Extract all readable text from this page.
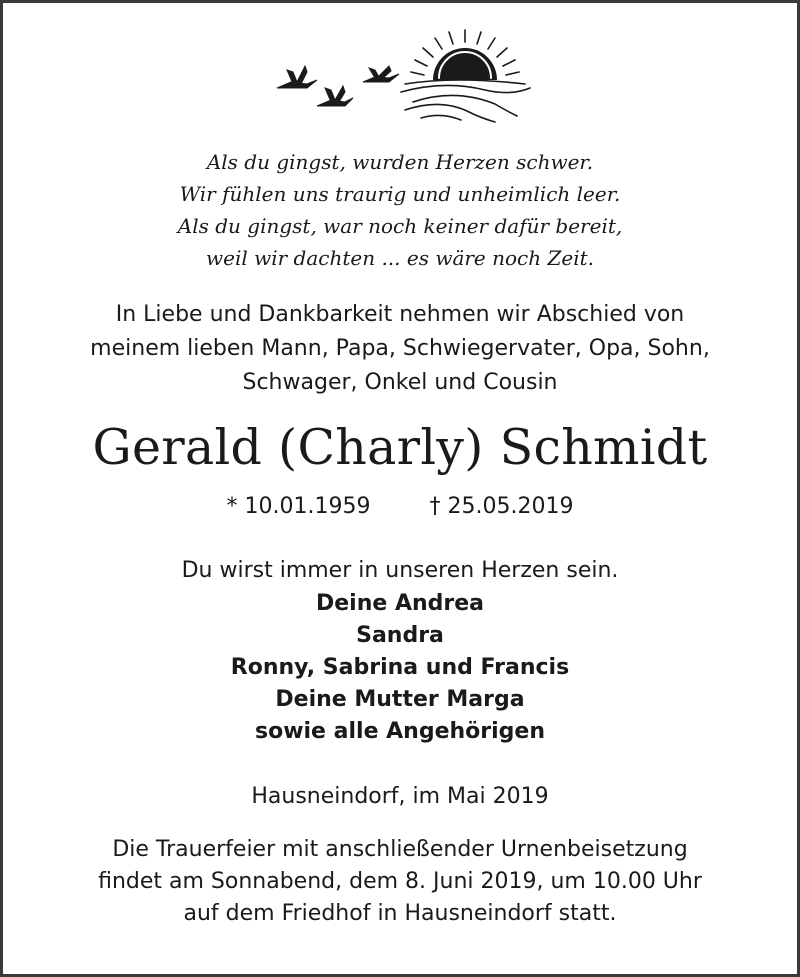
Als du gingst, wurden Herzen schwer.
Wir fühlen uns traurig und unheimlich leer.
Als du gingst, war noch keiner dafür bereit,
weil wir dachten ... es wäre noch Zeit.
In Liebe und Dankbarkeit nehmen wir Abschied von
meinem lieben Mann, Papa, Schwiegervater, Opa, Sohn,
Schwager, Onkel und Cousin
Gerald (Charly) Schmidt
* 10.01.1959	† 25.05.2019
Du wirst immer in unseren Herzen sein.
Deine Andrea
Sandra
Ronny, Sabrina und Francis
Deine Mutter Marga
sowie alle Angehörigen
Hausneindorf, im Mai 2019
Die Trauerfeier mit anschließender Urnenbeisetzung
findet am Sonnabend, dem 8. Juni 2019, um 10.00 Uhr
auf dem Friedhof in Hausneindorf statt.
